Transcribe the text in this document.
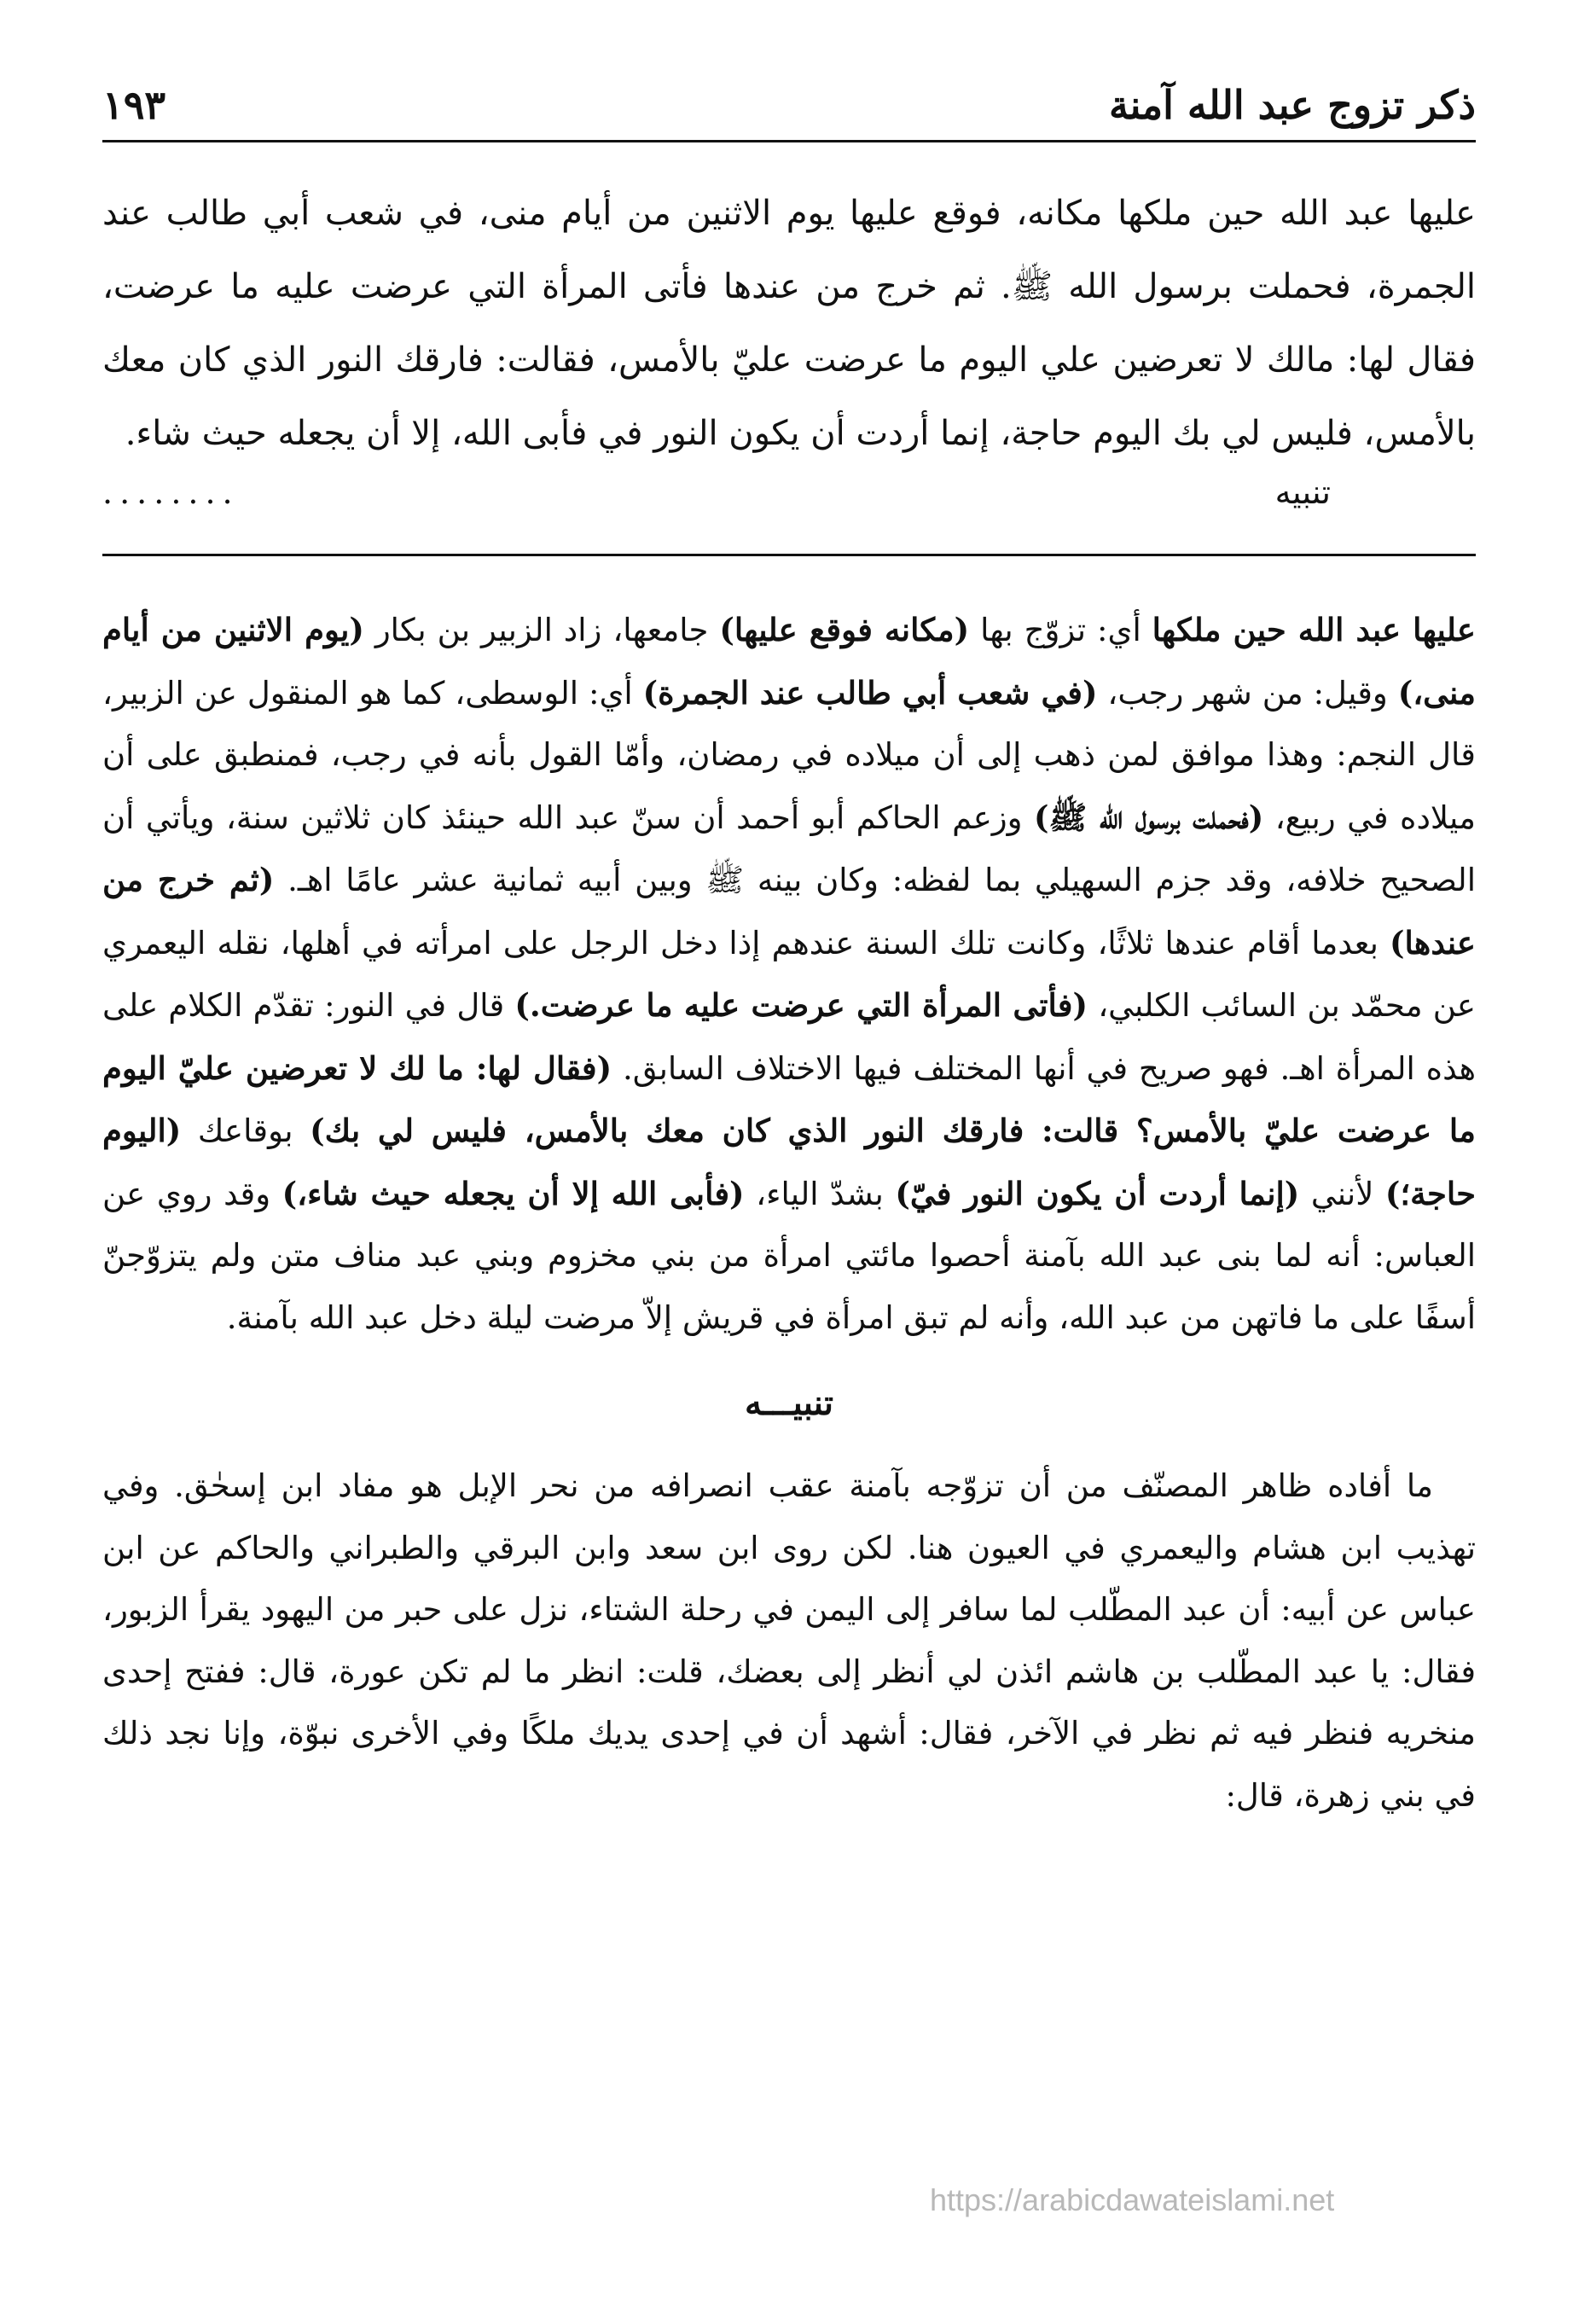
ذكر تزوج عبد الله آمنة
١٩٣

عليها عبد الله حين ملكها مكانه، فوقع عليها يوم الاثنين من أيام منى، في شعب أبي طالب عند الجمرة، فحملت برسول الله ﷺ. ثم خرج من عندها فأتى المرأة التي عرضت عليه ما عرضت، فقال لها: مالك لا تعرضين علي اليوم ما عرضت عليّ بالأمس، فقالت: فارقك النور الذي كان معك بالأمس، فليس لي بك اليوم حاجة، إنما أردت أن يكون النور في فأبى الله، إلا أن يجعله حيث شاء.

تنبيه
........

عليها عبد الله حين ملكها أي: تزوّج بها (مكانه فوقع عليها) جامعها، زاد الزبير بن بكار (يوم الاثنين من أيام منى،) وقيل: من شهر رجب، (في شعب أبي طالب عند الجمرة) أي: الوسطى، كما هو المنقول عن الزبير، قال النجم: وهذا موافق لمن ذهب إلى أن ميلاده في رمضان، وأمّا القول بأنه في رجب، فمنطبق على أن ميلاده في ربيع، (فحملت برسول الله ﷺ) وزعم الحاكم أبو أحمد أن سنّ عبد الله حينئذ كان ثلاثين سنة، ويأتي أن الصحيح خلافه، وقد جزم السهيلي بما لفظه: وكان بينه ﷺ وبين أبيه ثمانية عشر عامًا اهـ. (ثم خرج من عندها) بعدما أقام عندها ثلاثًا، وكانت تلك السنة عندهم إذا دخل الرجل على امرأته في أهلها، نقله اليعمري عن محمّد بن السائب الكلبي، (فأتى المرأة التي عرضت عليه ما عرضت.) قال في النور: تقدّم الكلام على هذه المرأة اهـ. فهو صريح في أنها المختلف فيها الاختلاف السابق. (فقال لها: ما لك لا تعرضين عليّ اليوم ما عرضت عليّ بالأمس؟ قالت: فارقك النور الذي كان معك بالأمس، فليس لي بك) بوقاعك (اليوم حاجة؛) لأنني (إنما أردت أن يكون النور فيّ) بشدّ الياء، (فأبى الله إلا أن يجعله حيث شاء،) وقد روي عن العباس: أنه لما بنى عبد الله بآمنة أحصوا مائتي امرأة من بني مخزوم وبني عبد مناف متن ولم يتزوّجنّ أسفًا على ما فاتهن من عبد الله، وأنه لم تبق امرأة في قريش إلاّ مرضت ليلة دخل عبد الله بآمنة.

تنبيـــه

ما أفاده ظاهر المصنّف من أن تزوّجه بآمنة عقب انصرافه من نحر الإبل هو مفاد ابن إسحٰق. وفي تهذيب ابن هشام واليعمري في العيون هنا. لكن روى ابن سعد وابن البرقي والطبراني والحاكم عن ابن عباس عن أبيه: أن عبد المطّلب لما سافر إلى اليمن في رحلة الشتاء، نزل على حبر من اليهود يقرأ الزبور، فقال: يا عبد المطّلب بن هاشم ائذن لي أنظر إلى بعضك، قلت: انظر ما لم تكن عورة، قال: ففتح إحدى منخريه فنظر فيه ثم نظر في الآخر، فقال: أشهد أن في إحدى يديك ملكًا وفي الأخرى نبوّة، وإنا نجد ذلك في بني زهرة، قال:

https://arabicdawateislami.net
